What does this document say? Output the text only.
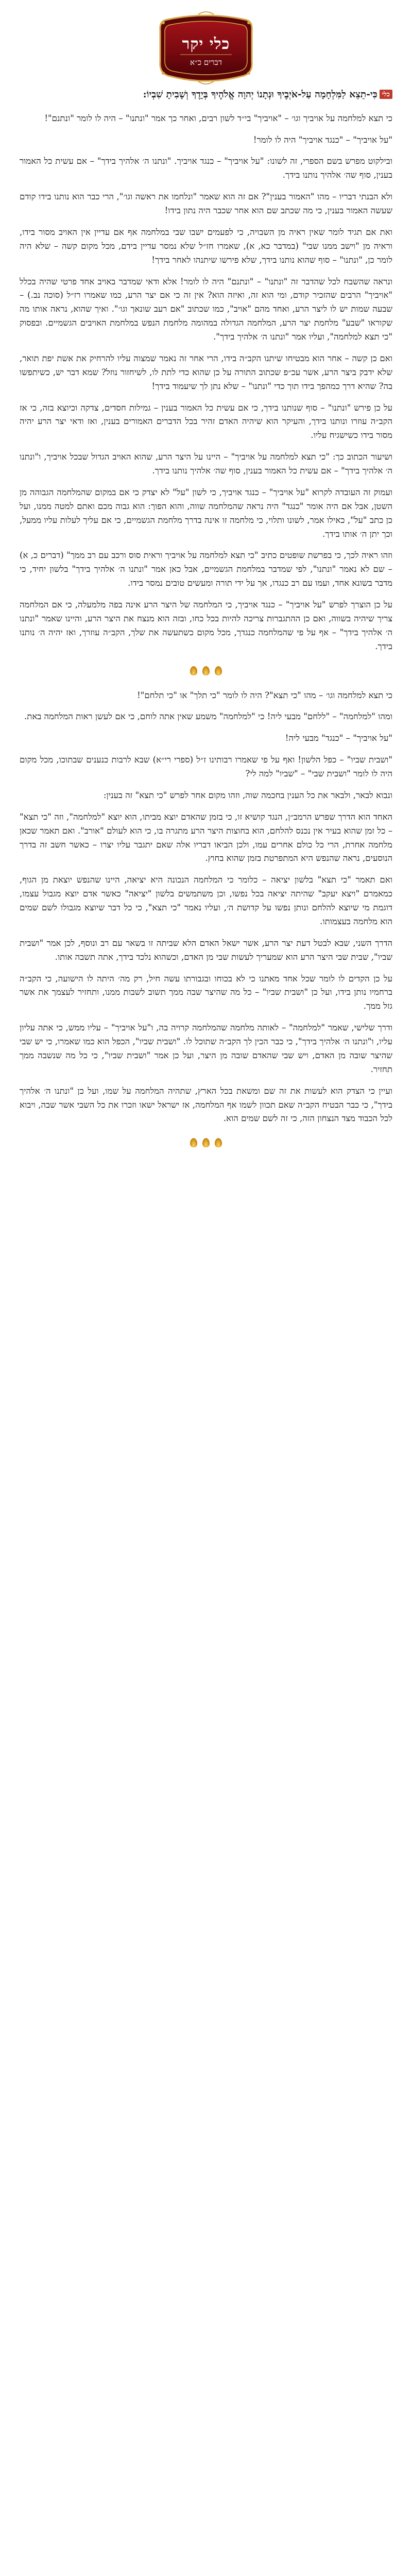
כלי יקר
דברים כ״א

כליכִּי-תֵצֵא לַמִּלְחָמָה עַל-אֹיְבֶיךָ וּנְתָנוֹ יְהוָה אֱלֹהֶיךָ בְּיָדֶךָ וְשָׁבִיתָ שִׁבְיוֹ:

כי תצא למלחמה על אויביך וגו׳ – "אויביך" בי״ד לשון רבים, ואחר כך אמר "ונתנו" – היה לו לומר "ונתנם"!

"על אויביך" – "כנגד אויביך" היה לו לומר!

ובילקוט מפרש בשם הספרי, זה לשונו: "על אויביך" – כנגד אויביך. "ונתנו ה׳ אלהיך בידך" – אם עשית כל האמור בענין, סוף שה׳ אלהיך נותנו בידך.

ולא הבנתי דבריו – מהו "האמור בענין"? אם זה הוא שאמר "ונלחמו את ראשה וגו׳", הרי כבר הוא נותנו בידו קודם שעשה האמור בענין, כי מה שכתב שם הוא אחר שכבר היה נתון בידו!

ואת אם תגיד לומר שאין ראיה מן השבויה, כי לפעמים ישבו שבי במלחמה אף אם עדיין אין האויב מסור בידו, וראיה מן "וישב ממנו שבי" (במדבר כא, א), שאמרו חז״ל שלא נמסר עדיין בידם, מכל מקום קשה – שלא היה לומר כן, "ונתנו" – סוף שהוא נותנו בידך, שלא פירשו שיתנהו לאחר בידך!

ונראה שהשבח לכל שהדבר זה "ונתנו" – "ונתנם" היה לו לומר! אלא ודאי שמדבר באויב אחד פרטי שהיה בכלל "אויביך" הרבים שהזכיר קודם, ומי הוא זה, ואיזה הוא? אין זה כי אם יצר הרע, כמו שאמרו רז״ל (סוכה נב.) – שבעה שמות יש לו ליצר הרע, ואחד מהם "אויב", כמו שכתוב "אם רעב שונאך וגו׳". ואיך שהוא, נראה אותו מה שקוראו "שבע" מלחמת יצר הרע, המלחמה הגדולה במהומה מלחמת הנפש במלחמת האויבים הגשמיים. ובפסוק "כי תצא למלחמה", ועליו אמר "ונתנו ה׳ אלהיך בידך".

ואם כן קשה – אחר הוא מבטיחו שיתנו הקב״ה בידו, הרי אחר זה נאמר שמצוה עליו להרחיק את אשת יפת תואר, שלא ידבק ביצר הרע, אשר עכ״פ שכתוב התורה על כן שהוא כדי לתת לו, לשיחזור נוזל? שמא דבר יש, כשיתפשו בה? שהיא דרך כמהפך בידו תוך כדי "ונתנו" – שלא נתן לך שיעמוד בידך!

על כן פירש "ונתנו" – סוף שנותנו בידך, כי אם עשית כל האמור בענין – גמילות חסדים, צדקה וכיוצא בזה, כי אז הקב״ה עוזרו ונותנו בידך, והעיקר הוא שיהיה האדם זהיר בכל הדברים האמורים בענין, ואז ודאי יצר הרע יהיה מסור בידו כשישגיח עליו.

ושיעור הכתוב כך: "כי תצא למלחמה על אויביך" – היינו על היצר הרע, שהוא האויב הגדול שבכל אויביך, ו"ונתנו ה׳ אלהיך בידך" – אם עשית כל האמור בענין, סוף שה׳ אלהיך נותנו בידך.

ועמוק זה העובדה לקרוא "על אויביך" – כנגד אויביך, כי לשון "על" לא יצדק כי אם במקום שהמלחמה הגבוהה מן השטן, אבל אם היה אומר "כנגד" היה נראה שהמלחמה שווה, והוא הפוך: הוא גבוה מכם ואתם למטה ממנו, ועל כן כתב "על", כאילו אמר, לשונו ותלוי, כי מלחמה זו אינה בדרך מלחמת הגשמיים, כי אם עליך לעלות עליו ממעל, וכך יתן ה׳ אותו בידך.

וזהו ראיה לכך, כי בפרשת שופטים כתיב "כי תצא למלחמה על אויביך וראית סוס ורכב עם רב ממך" (דברים כ, א) – שם לא נאמר "ונתנו", לפי שמדבר במלחמת הגשמיים, אבל כאן אמר "ונתנו ה׳ אלהיך בידך" בלשון יחיד, כי מדבר בשונא אחד, ועמו עם רב כנגדו, אך על ידי תורה ומעשים טובים נמסר בידו.

על כן הוצרך לפרש "על אויביך" – כנגד אויביך, כי המלחמה של היצר הרע אינה בפה מלמעלה, כי אם המלחמה צריך שיהיה בשווה, ואם כן ההתגברות צריכה להיות בכל כחו, ובזה הוא מנצח את היצר הרע, והיינו שאמר "ונתנו ה׳ אלהיך בידך" – אף על פי שהמלחמה כנגדך, מכל מקום כשתעשה את שלך, הקב״ה עוזרך, ואז יהיה ה׳ נותנו בידך.

כי תצא למלחמה וגו׳ – מהו "כי תצא"? היה לו לומר "כי תלך" או "כי תלחם"!

ומהו "למלחמה" – "ללחם" מבעי ליה! כי "למלחמה" משמע שאין אתה לוחם, כי אם לעשן ראות המלחמה באת.

"על אויביך" – "כנגד" מבעי ליה!

"ושבית שביו" – כפל הלשון! ואף על פי שאמרו רבותינו ז״ל (ספרי רי״א) שבא לרבות כנענים שבתוכו, מכל מקום היה לו לומר "ושבית שבי" – "שביו" למה לי?

ונבוא לבאר, ולבאר את כל הענין בחכמה שוה, וזהו מקום אחר לפרש "כי תצא" זה בענין:

האחד הוא הדרך שפרש הרמב״ן, הנגד קושיא זו, כי בזמן שהאדם יוצא מביתו, הוא יוצא "למלחמה", וזה "כי תצא" – כל זמן שהוא בעיר אין נכנס להלחם, הוא בחוצות היצר הרע מתגרה בו, כי הוא לעולם "אורב". ואם תאמר שכאן מלחמה אחרת, הרי כל כולם אחרים עמו, ולכן הביאו דבריו אלה שאם יתגבר עליו יצרו – כאשר חשב זה בדרך הנוסעים, נראה שהנפש היא המתפרטת בזמן שהוא בחוץ.

ואם תאמר "כי תצא" בלשון יציאה – כלומר כי המלחמה הנכונה היא יציאה, היינו שהנפש יוצאת מן הגוף, כמאמרם "ויצא יעקב" שהיתה יציאה בכל נפשו, וכן משתמשים בלשון "יציאה" כאשר אדם יוצא מגבול עצמו, דוגמת מי שיוצא להלחם ונותן נפשו על קדושת ה׳, ועליו נאמר "כי תצא", כי כל דבר שיוצא מגבולו לשם שמים הוא מלחמה בעצמותו.

הדרך השני, שבא לבטל דעת יצר הרע, אשר ישאל האדם הלא שביתה זו בשאר עם רב ונוסף, לכן אמר "ושבית שביו", שבית שבי היצר הרע הוא שמעריך לעשות שבי מן האדם, וכשהוא נלכד בידך, אתה תשבה אותו.

על כן הקדים לו לומר שכל אחד מאתנו כי לא בכוחו ובגבורתו עשה חיל, רק מה׳ היתה לו הישועה, כי הקב״ה ברחמיו נותן בידו, ועל כן "ושבית שביו" – כל מה שהיצר שבה ממך תשוב לשבות ממנו, ותחזיר לעצמך את אשר גזל ממך.

ודרך שלישי, שאמר "למלחמה" – לאותה מלחמה שהמלחמה קרויה בה, ו"על אויביך" – עליו ממש, כי אתה עליון עליו, ו"ונתנו ה׳ אלהיך בידך", כי כבר הכין לך הקב״ה שתוכל לו. "ושבית שביו", הכפל הוא כמו שאמרו, כי יש שבי שהיצר שובה מן האדם, ויש שבי שהאדם שובה מן היצר, ועל כן אמר "ושבית שביו", כי כל מה שנשבה ממך תחזיר.

ועיין כי הצדק הוא לעשות את זה שם ומשאת בכל הארץ, שתהיה המלחמה על שמו, ועל כן "ונתנו ה׳ אלהיך בידך", כי כבר הבטיח הקב״ה שאם תכוון לשמו אף המלחמה, אז ישראל ישאו וזכרו את כל השבי אשר שבה, ויבוא לכל הכבוד מצד הנצחון הזה, כי זה לשם שמים הוא.
